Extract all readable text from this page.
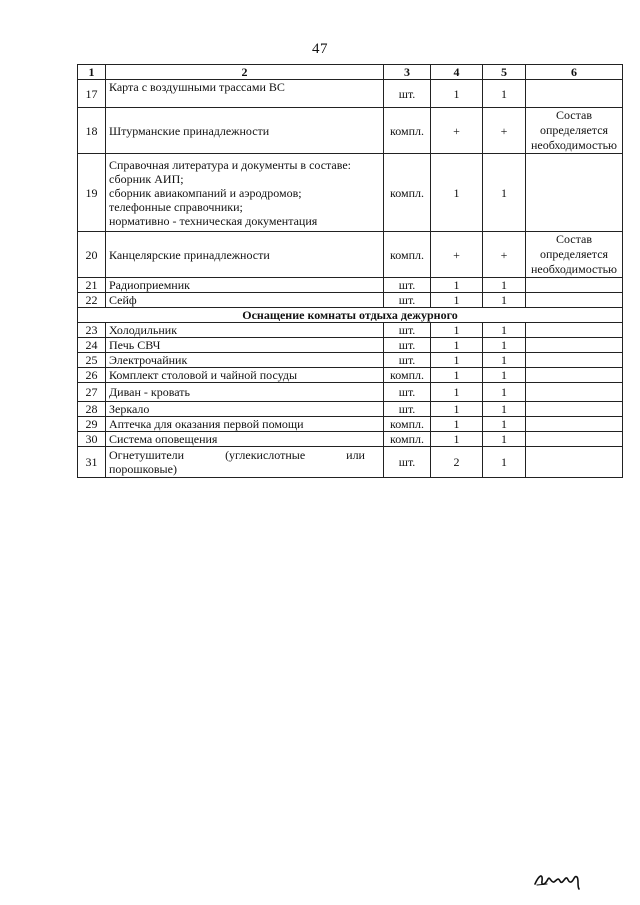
47
1	2	3	4	5	6
17	Карта с воздушными трассами ВС	шт.	1	1	
18	Штурманские принадлежности	компл.	+	+	Состав
определяется
необходимостью

19	Справочная литература и документы в составе:
сборник АИП;
сборник авиакомпаний и аэродромов;
телефонные справочники;
нормативно - техническая документация	компл.	1	1	
20	Канцелярские принадлежности	компл.	+	+	Состав
определяется
необходимостью

21	Радиоприемник	шт.	1	1	
22	Сейф	шт.	1	1	
Оснащение комнаты отдыха дежурного					
23	Холодильник	шт.	1	1	
24	Печь СВЧ	шт.	1	1	
25	Электрочайник	шт.	1	1	
26	Комплект столовой и чайной посуды	компл.	1	1	
27	Диван - кровать	шт.	1	1	
28	Зеркало	шт.	1	1	
29	Аптечка для оказания первой помощи	компл.	1	1	
30	Система оповещения	компл.	1	1	
31	Огнетушители (углекислотные или
порошковые)	шт.	2	1	
